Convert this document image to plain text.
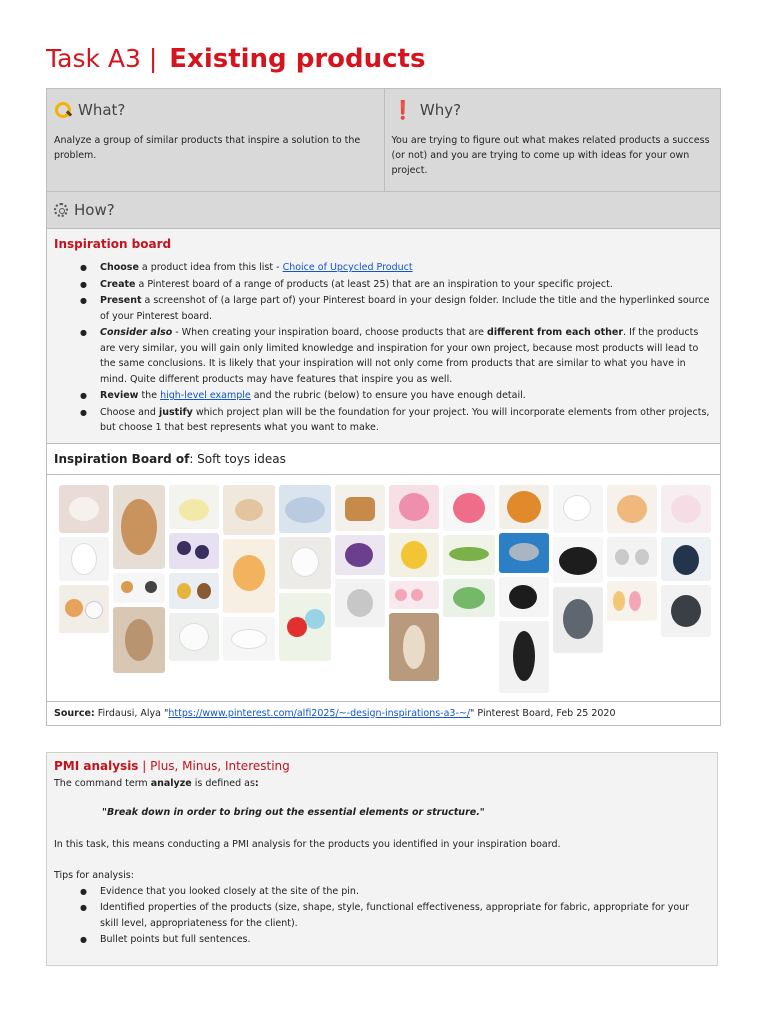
Task A3 | Existing products
What?
Analyze a group of similar products that inspire a solution to the problem.
❗ Why?
You are trying to figure out what makes related products a success (or not) and you are trying to come up with ideas for your own project.
How?
Inspiration board
● Choose a product idea from this list - Choice of Upcycled Product
● Create a Pinterest board of a range of products (at least 25) that are an inspiration to your specific project.
● Present a screenshot of (a large part of) your Pinterest board in your design folder. Include the title and the hyperlinked source of your Pinterest board.
● Consider also - When creating your inspiration board, choose products that are different from each other. If the products are very similar, you will gain only limited knowledge and inspiration for your own project, because most products will lead to the same conclusions. It is likely that your inspiration will not only come from products that are similar to what you have in mind. Quite different products may have features that inspire you as well.
● Review the high-level example and the rubric (below) to ensure you have enough detail.
● Choose and justify which project plan will be the foundation for your project. You will incorporate elements from other projects, but choose 1 that best represents what you want to make.
Inspiration Board of: Soft toys ideas
Source: Firdausi, Alya "https://www.pinterest.com/alfi2025/~-design-inspirations-a3-~/" Pinterest Board, Feb 25 2020
PMI analysis | Plus, Minus, Interesting
The command term analyze is defined as:
"Break down in order to bring out the essential elements or structure."
In this task, this means conducting a PMI analysis for the products you identified in your inspiration board.
Tips for analysis:
● Evidence that you looked closely at the site of the pin.
● Identified properties of the products (size, shape, style, functional effectiveness, appropriate for fabric, appropriate for your skill level, appropriateness for the client).
● Bullet points but full sentences.
